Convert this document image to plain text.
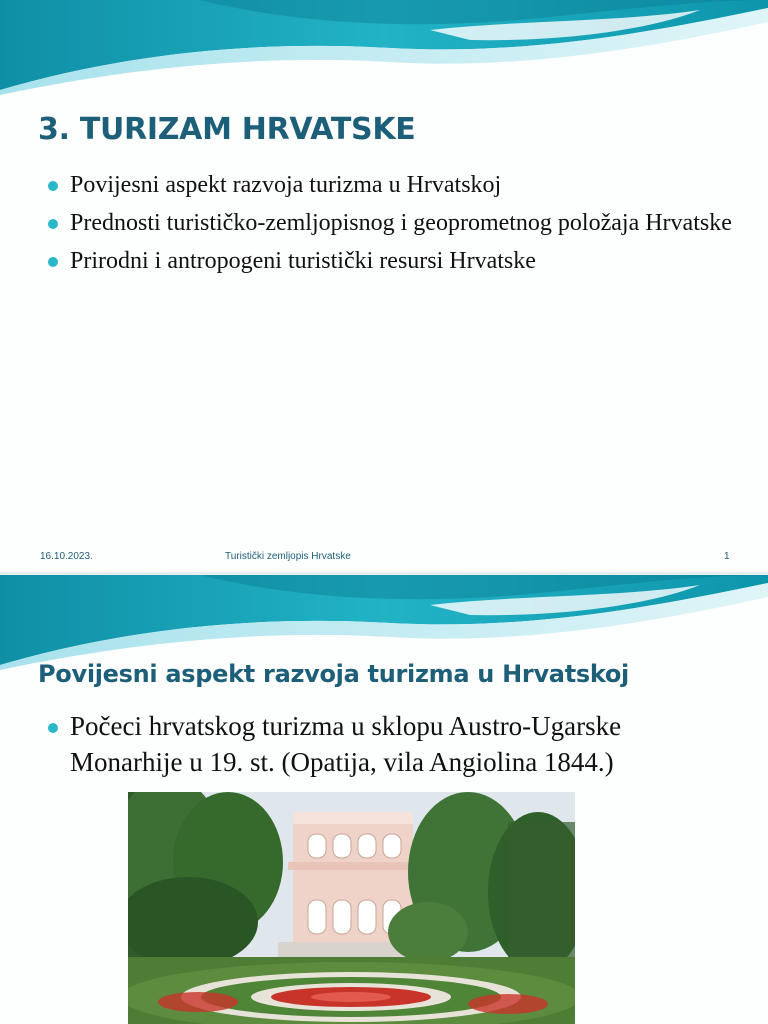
3. TURIZAM HRVATSKE
Povijesni aspekt razvoja turizma u Hrvatskoj
Prednosti turističko-zemljopisnog i geoprometnog položaja Hrvatske
Prirodni i antropogeni turistički resursi Hrvatske
16.10.2023.	Turistički zemljopis Hrvatske	1
Povijesni aspekt razvoja turizma u Hrvatskoj
Počeci hrvatskog turizma u sklopu Austro-Ugarske Monarhije u 19. st. (Opatija, vila Angiolina 1844.)
